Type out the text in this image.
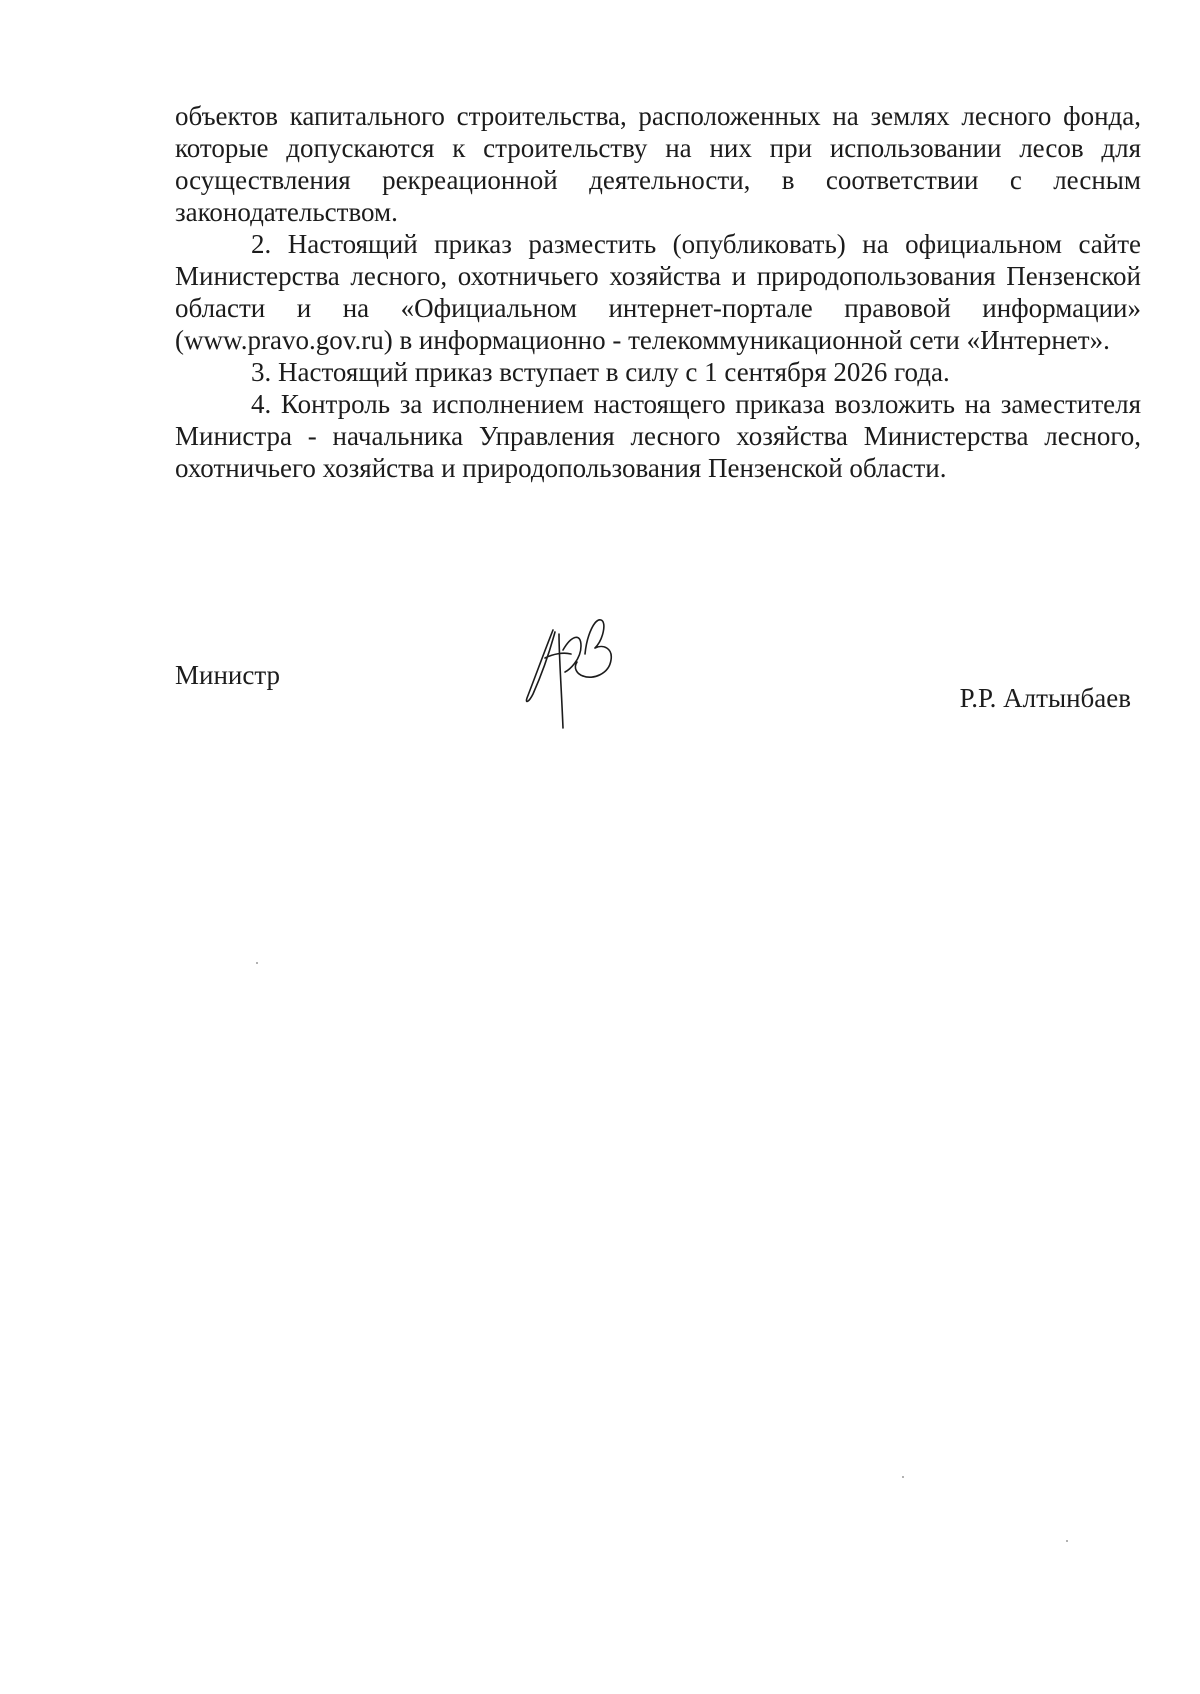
объектов капитального строительства, расположенных на землях лесного фонда, которые допускаются к строительству на них при использовании лесов для осуществления рекреационной деятельности, в соответствии с лесным законодательством.

2. Настоящий приказ разместить (опубликовать) на официальном сайте Министерства лесного, охотничьего хозяйства и природопользования Пензенской области и на «Официальном интернет-портале правовой информации» (www.pravo.gov.ru) в информационно - телекоммуникационной сети «Интернет».

3. Настоящий приказ вступает в силу с 1 сентября 2026 года.

4. Контроль за исполнением настоящего приказа возложить на заместителя Министра - начальника Управления лесного хозяйства Министерства лесного, охотничьего хозяйства и природопользования Пензенской области.

Министр
Р.Р. Алтынбаев
